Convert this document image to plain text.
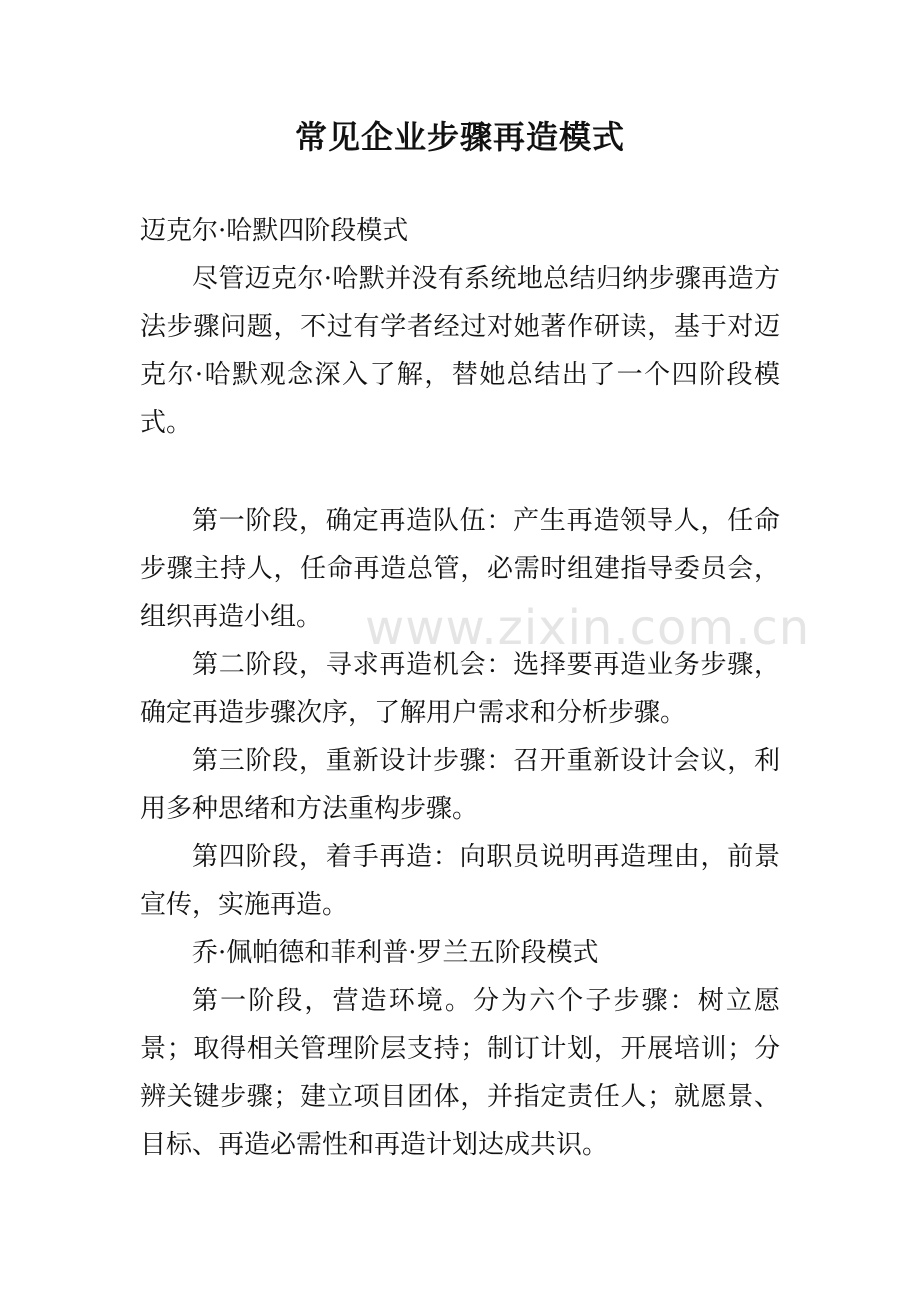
常见企业步骤再造模式

迈克尔·哈默四阶段模式

尽管迈克尔·哈默并没有系统地总结归纳步骤再造方法步骤问题，不过有学者经过对她著作研读，基于对迈克尔·哈默观念深入了解，替她总结出了一个四阶段模式。

第一阶段，确定再造队伍：产生再造领导人，任命步骤主持人，任命再造总管，必需时组建指导委员会，组织再造小组。

第二阶段，寻求再造机会：选择要再造业务步骤，确定再造步骤次序，了解用户需求和分析步骤。

第三阶段，重新设计步骤：召开重新设计会议，利用多种思绪和方法重构步骤。

第四阶段，着手再造：向职员说明再造理由，前景宣传，实施再造。

乔·佩帕德和菲利普·罗兰五阶段模式

第一阶段，营造环境。分为六个子步骤：树立愿景；取得相关管理阶层支持；制订计划，开展培训；分辨关键步骤；建立项目团体，并指定责任人；就愿景、目标、再造必需性和再造计划达成共识。

www.zixin.com.cn
